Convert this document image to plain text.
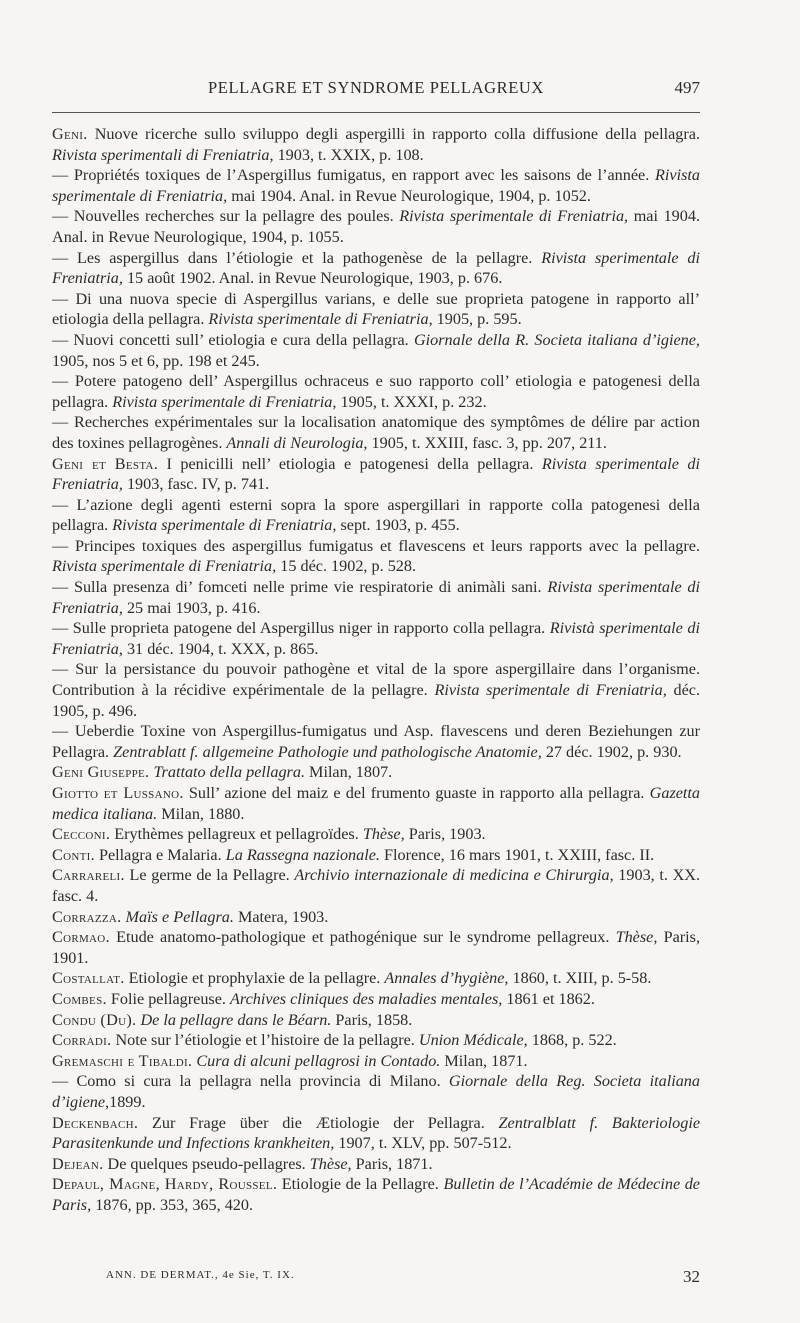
PELLAGRE ET SYNDROME PELLAGREUX	497

Geni. Nuove ricerche sullo sviluppo degli aspergilli in rapporto colla diffusione della pellagra. Rivista sperimentali di Freniatria, 1903, t. XXIX, p. 108.

— Propriétés toxiques de l’Aspergillus fumigatus, en rapport avec les saisons de l’année. Rivista sperimentale di Freniatria, mai 1904. Anal. in Revue Neurologique, 1904, p. 1052.

— Nouvelles recherches sur la pellagre des poules. Rivista sperimentale di Freniatria, mai 1904. Anal. in Revue Neurologique, 1904, p. 1055.

— Les aspergillus dans l’étiologie et la pathogenèse de la pellagre. Rivista sperimentale di Freniatria, 15 août 1902. Anal. in Revue Neurologique, 1903, p. 676.

— Di una nuova specie di Aspergillus varians, e delle sue proprieta patogene in rapporto all’ etiologia della pellagra. Rivista sperimentale di Freniatria, 1905, p. 595.

— Nuovi concetti sull’ etiologia e cura della pellagra. Giornale della R. Societa italiana d’igiene, 1905, nos 5 et 6, pp. 198 et 245.

— Potere patogeno dell’ Aspergillus ochraceus e suo rapporto coll’ etiologia e patogenesi della pellagra. Rivista sperimentale di Freniatria, 1905, t. XXXI, p. 232.

— Recherches expérimentales sur la localisation anatomique des symptômes de délire par action des toxines pellagrogènes. Annali di Neurologia, 1905, t. XXIII, fasc. 3, pp. 207, 211.

Geni et Besta. I penicilli nell’ etiologia e patogenesi della pellagra. Rivista sperimentale di Freniatria, 1903, fasc. IV, p. 741.

— L’azione degli agenti esterni sopra la spore aspergillari in rapporte colla patogenesi della pellagra. Rivista sperimentale di Freniatria, sept. 1903, p. 455.

— Principes toxiques des aspergillus fumigatus et flavescens et leurs rapports avec la pellagre. Rivista sperimentale di Freniatria, 15 déc. 1902, p. 528.

— Sulla presenza di’ fomceti nelle prime vie respiratorie di animàli sani. Rivista sperimentale di Freniatria, 25 mai 1903, p. 416.

— Sulle proprieta patogene del Aspergillus niger in rapporto colla pellagra. Rivistà sperimentale di Freniatria, 31 déc. 1904, t. XXX, p. 865.

— Sur la persistance du pouvoir pathogène et vital de la spore aspergillaire dans l’organisme. Contribution à la récidive expérimentale de la pellagre. Rivista sperimentale di Freniatria, déc. 1905, p. 496.

— Ueberdie Toxine von Aspergillus-fumigatus und Asp. flavescens und deren Beziehungen zur Pellagra. Zentrablatt f. allgemeine Pathologie und pathologische Anatomie, 27 déc. 1902, p. 930.

Geni Giuseppe. Trattato della pellagra. Milan, 1807.

Giotto et Lussano. Sull’ azione del maiz e del frumento guaste in rapporto alla pellagra. Gazetta medica italiana. Milan, 1880.

Cecconi. Erythèmes pellagreux et pellagroïdes. Thèse, Paris, 1903.

Conti. Pellagra e Malaria. La Rassegna nazionale. Florence, 16 mars 1901, t. XXIII, fasc. II.

Carrareli. Le germe de la Pellagre. Archivio internazionale di medicina e Chirurgia, 1903, t. XX. fasc. 4.

Corrazza. Maïs e Pellagra. Matera, 1903.

Cormao. Etude anatomo-pathologique et pathogénique sur le syndrome pellagreux. Thèse, Paris, 1901.

Costallat. Etiologie et prophylaxie de la pellagre. Annales d’hygiène, 1860, t. XIII, p. 5-58.

Combes. Folie pellagreuse. Archives cliniques des maladies mentales, 1861 et 1862.

Condu (Du). De la pellagre dans le Béarn. Paris, 1858.

Corradi. Note sur l’étiologie et l’histoire de la pellagre. Union Médicale, 1868, p. 522.

Gremaschi e Tibaldi. Cura di alcuni pellagrosi in Contado. Milan, 1871.

— Como si cura la pellagra nella provincia di Milano. Giornale della Reg. Societa italiana d’igiene,1899.

Deckenbach. Zur Frage über die Ætiologie der Pellagra. Zentralblatt f. Bakteriologie Parasitenkunde und Infections krankheiten, 1907, t. XLV, pp. 507-512.

Dejean. De quelques pseudo-pellagres. Thèse, Paris, 1871.

Depaul, Magne, Hardy, Roussel. Etiologie de la Pellagre. Bulletin de l’Académie de Médecine de Paris, 1876, pp. 353, 365, 420.

ANN. DE DERMAT., 4e Sie, T. IX.	32
